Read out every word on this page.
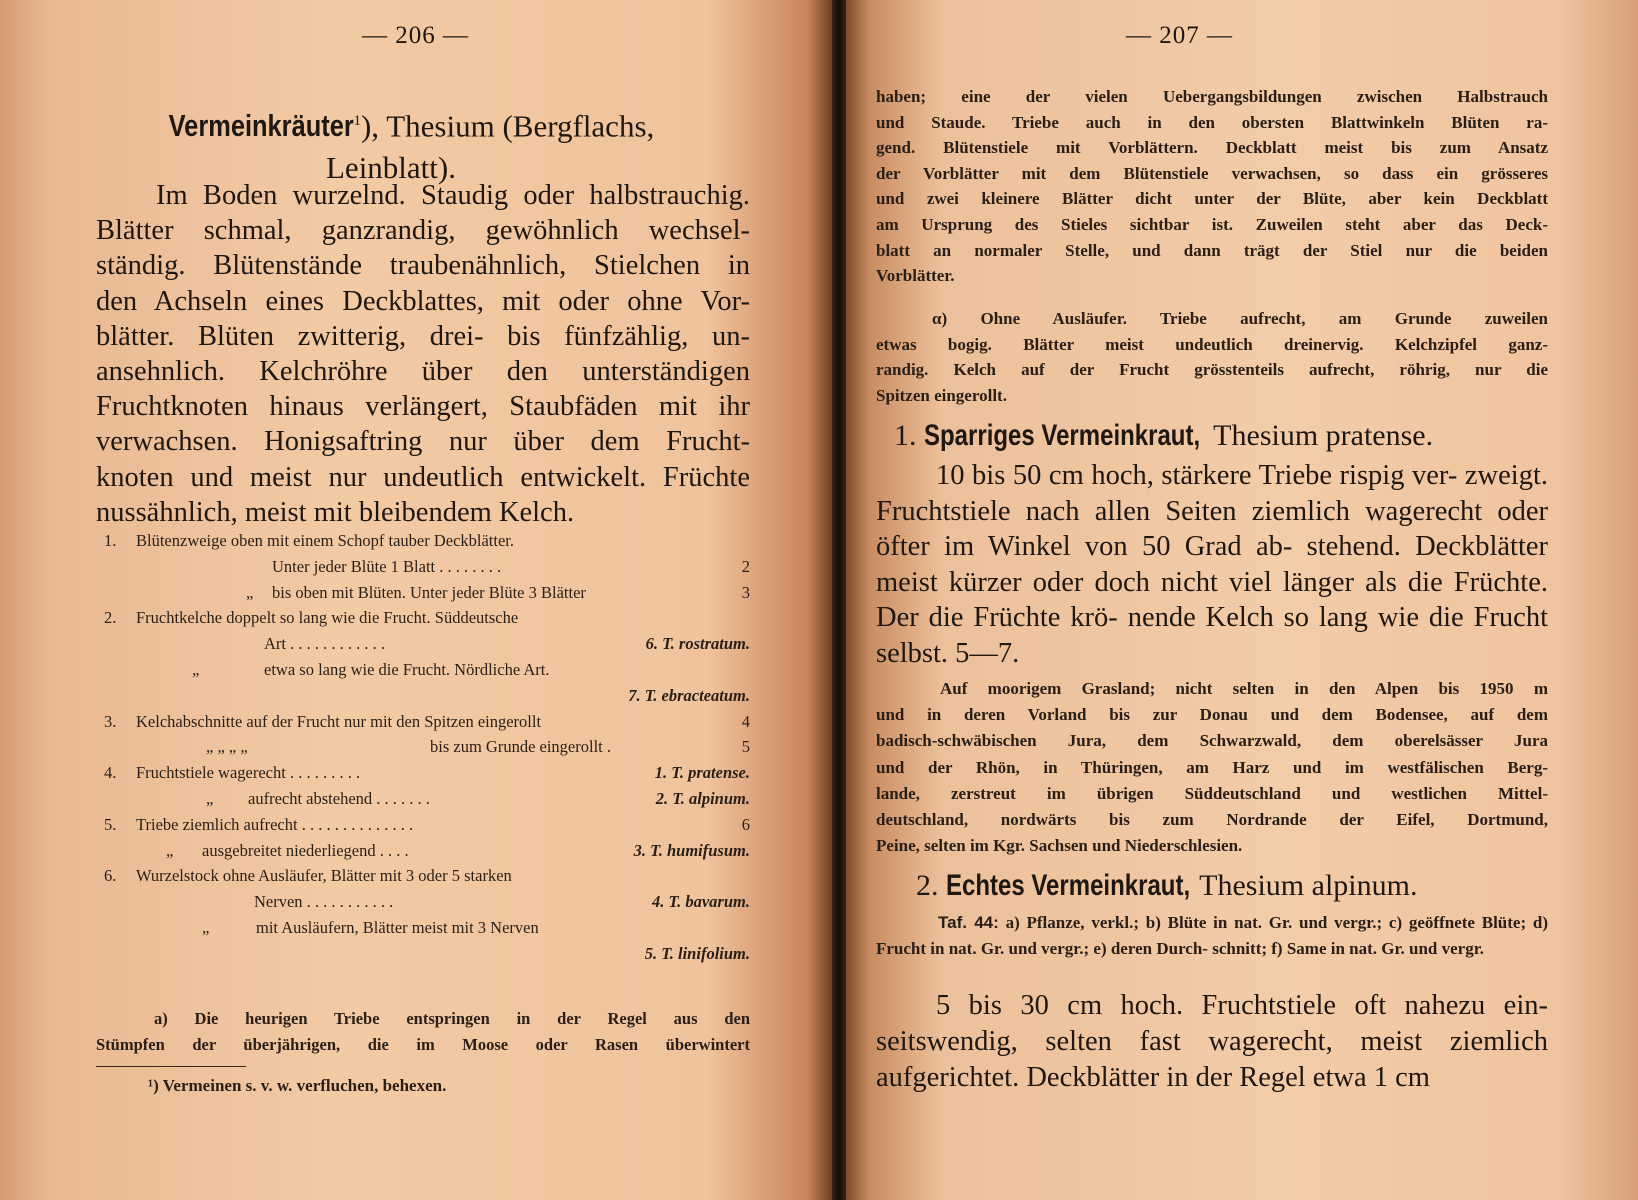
— 206 —
Vermeinkräuter$^1$), Thesium (Bergflachs,
Leinblatt).

Im Boden wurzelnd. Staudig oder halbstrauchig.
Blätter schmal, ganzrandig, gewöhnlich wechsel-
ständig. Blütenstände traubenähnlich, Stielchen in
den Achseln eines Deckblattes, mit oder ohne Vor-
blätter. Blüten zwitterig, drei- bis fünfzählig, un-
ansehnlich. Kelchröhre über den unterständigen
Fruchtknoten hinaus verlängert, Staubfäden mit ihr
verwachsen. Honigsaftring nur über dem Frucht-
knoten und meist nur undeutlich entwickelt. Früchte
nussähnlich, meist mit bleibendem Kelch.

1. Blütenzweige oben mit einem Schopf tauber Deckblätter.
Unter jeder Blüte 1 Blatt . . . . . . . .	2
„ bis oben mit Blüten. Unter jeder Blüte 3 Blätter	3
2. Fruchtkelche doppelt so lang wie die Frucht. Süddeutsche
Art . . . . . . . . . . . .	6. T. rostratum.
„	etwa so lang wie die Frucht. Nördliche Art.
7. T. ebracteatum.
3. Kelchabschnitte auf der Frucht nur mit den Spitzen eingerollt	4
„ „ „ „	bis zum Grunde eingerollt .	5
4. Fruchtstiele wagerecht . . . . . . . . .	1. T. pratense.
„ aufrecht abstehend . . . . . . .	2. T. alpinum.
5. Triebe ziemlich aufrecht . . . . . . . . . . . . . .	6
„ ausgebreitet niederliegend . . . .	3. T. humifusum.
6. Wurzelstock ohne Ausläufer, Blätter mit 3 oder 5 starken
Nerven . . . . . . . . . . .	4. T. bavarum.
„	mit Ausläufern, Blätter meist mit 3 Nerven
5. T. linifolium.
a) Die heurigen Triebe entspringen in der Regel aus den
Stümpfen der überjährigen, die im Moose oder Rasen überwintert
¹) Vermeinen s. v. w. verfluchen, behexen.
— 207 —

haben; eine der vielen Uebergangsbildungen zwischen Halbstrauch
und Staude. Triebe auch in den obersten Blattwinkeln Blüten ra-
gend. Blütenstiele mit Vorblättern. Deckblatt meist bis zum Ansatz
der Vorblätter mit dem Blütenstiele verwachsen, so dass ein grösseres
und zwei kleinere Blätter dicht unter der Blüte, aber kein Deckblatt
am Ursprung des Stieles sichtbar ist. Zuweilen steht aber das Deck-
blatt an normaler Stelle, und dann trägt der Stiel nur die beiden
Vorblätter.

α) Ohne Ausläufer. Triebe aufrecht, am Grunde zuweilen
etwas bogig. Blätter meist undeutlich dreinervig. Kelchzipfel ganz-
randig. Kelch auf der Frucht grösstenteils aufrecht, röhrig, nur die
Spitzen eingerollt.

1. Sparriges Vermeinkraut, Thesium pratense.

10 bis 50 cm hoch, stärkere Triebe rispig ver- zweigt. Fruchtstiele nach allen Seiten ziemlich wagerecht oder öfter im Winkel von 50 Grad ab- stehend. Deckblätter meist kürzer oder doch nicht viel länger als die Früchte. Der die Früchte krö- nende Kelch so lang wie die Frucht selbst. 5—7.

Auf moorigem Grasland; nicht selten in den Alpen bis 1950 m
und in deren Vorland bis zur Donau und dem Bodensee, auf dem
badisch-schwäbischen Jura, dem Schwarzwald, dem oberelsässer Jura
und der Rhön, in Thüringen, am Harz und im westfälischen Berg-
lande, zerstreut im übrigen Süddeutschland und westlichen Mittel-
deutschland, nordwärts bis zum Nordrande der Eifel, Dortmund,
Peine, selten im Kgr. Sachsen und Niederschlesien.

2. Echtes Vermeinkraut, Thesium alpinum.

Taf. 44: a) Pflanze, verkl.; b) Blüte in nat. Gr. und vergr.; c) geöffnete Blüte; d) Frucht in nat. Gr. und vergr.; e) deren Durch- schnitt; f) Same in nat. Gr. und vergr.

5 bis 30 cm hoch. Fruchtstiele oft nahezu ein- seitswendig, selten fast wagerecht, meist ziemlich aufgerichtet. Deckblätter in der Regel etwa 1 cm
